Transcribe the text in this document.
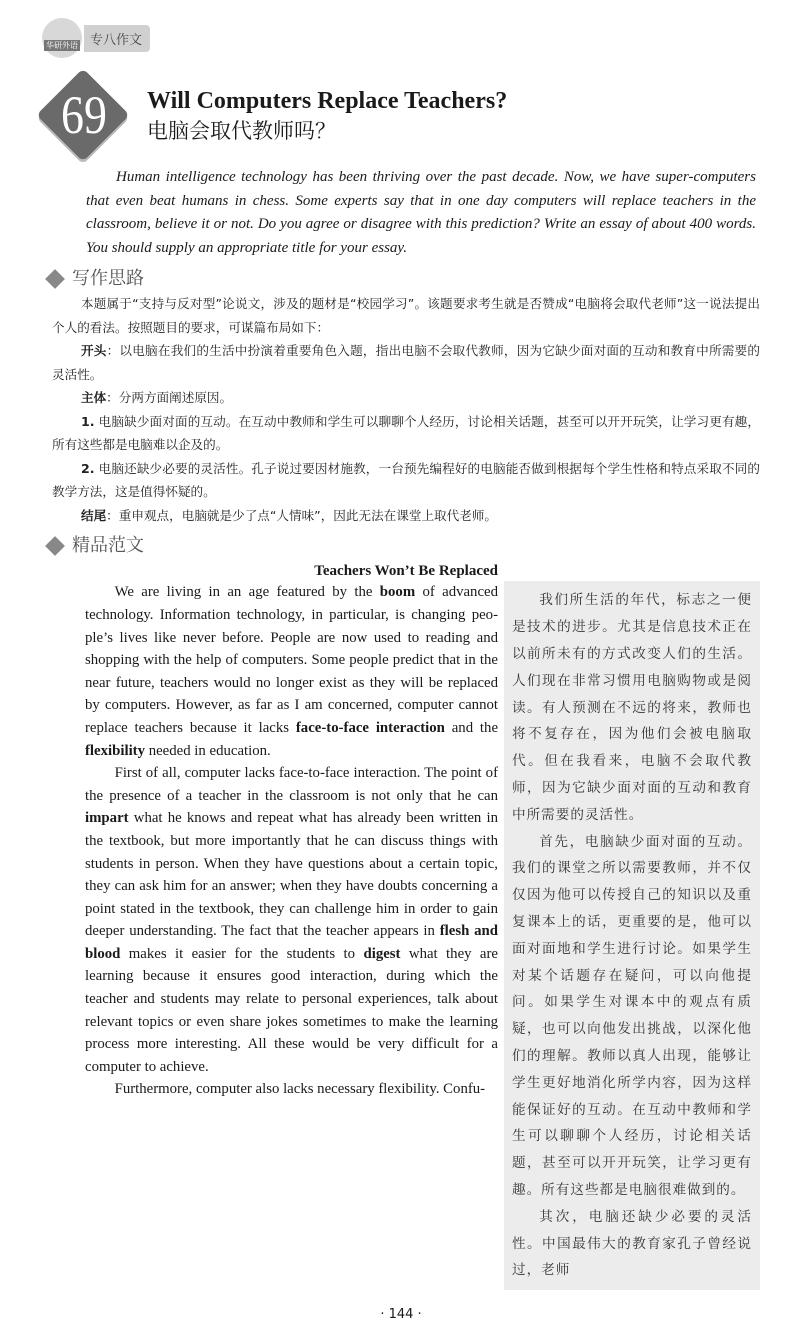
华研外语 专八作文
69	Will Computers Replace Teachers?
电脑会取代教师吗？
Human intelligence technology has been thriving over the past decade. Now, we have super-computers that even beat humans in chess. Some experts say that in one day computers will replace teachers in the classroom, believe it or not. Do you agree or disagree with this prediction? Write an essay of about 400 words. You should supply an appropriate title for your essay.
写作思路

本题属于“支持与反对型”论说文，涉及的题材是“校园学习”。该题要求考生就是否赞成“电脑将会取代老师”这一说法提出个人的看法。按照题目的要求，可谋篇布局如下：

开头：以电脑在我们的生活中扮演着重要角色入题，指出电脑不会取代教师，因为它缺少面对面的互动和教育中所需要的灵活性。

主体：分两方面阐述原因。

1. 电脑缺少面对面的互动。在互动中教师和学生可以聊聊个人经历，讨论相关话题，甚至可以开开玩笑，让学习更有趣，所有这些都是电脑难以企及的。

2. 电脑还缺少必要的灵活性。孔子说过要因材施教，一台预先编程好的电脑能否做到根据每个学生性格和特点采取不同的教学方法，这是值得怀疑的。

结尾：重申观点，电脑就是少了点“人情味”，因此无法在课堂上取代老师。

精品范文
Teachers Won’t Be Replaced

We are living in an age featured by the boom of advanced technology. Information technology, in particular, is changing people’s lives like never before. People are now used to reading and shopping with the help of computers. Some people predict that in the near future, teachers would no longer exist as they will be replaced by computers. However, as far as I am concerned, computer cannot replace teachers because it lacks face-to-face interaction and the flexibility needed in education.

First of all, computer lacks face-to-face interaction. The point of the presence of a teacher in the classroom is not only that he can impart what he knows and repeat what has already been written in the textbook, but more importantly that he can discuss things with students in person. When they have questions about a certain topic, they can ask him for an answer; when they have doubts concerning a point stated in the textbook, they can challenge him in order to gain deeper understanding. The fact that the teacher appears in flesh and blood makes it easier for the students to digest what they are learning because it ensures good interaction, during which the teacher and students may relate to personal experiences, talk about relevant topics or even share jokes sometimes to make the learning process more interesting. All these would be very difficult for a computer to achieve.

Furthermore, computer also lacks necessary flexibility. Confu-

我们所生活的年代，标志之一便是技术的进步。尤其是信息技术正在以前所未有的方式改变人们的生活。人们现在非常习惯用电脑购物或是阅读。有人预测在不远的将来，教师也将不复存在，因为他们会被电脑取代。但在我看来，电脑不会取代教师，因为它缺少面对面的互动和教育中所需要的灵活性。

首先，电脑缺少面对面的互动。我们的课堂之所以需要教师，并不仅仅因为他可以传授自己的知识以及重复课本上的话，更重要的是，他可以面对面地和学生进行讨论。如果学生对某个话题存在疑问，可以向他提问。如果学生对课本中的观点有质疑，也可以向他发出挑战，以深化他们的理解。教师以真人出现，能够让学生更好地消化所学内容，因为这样能保证好的互动。在互动中教师和学生可以聊聊个人经历，讨论相关话题，甚至可以开开玩笑，让学习更有趣。所有这些都是电脑很难做到的。

其次，电脑还缺少必要的灵活性。中国最伟大的教育家孔子曾经说过，老师

· 144 ·
